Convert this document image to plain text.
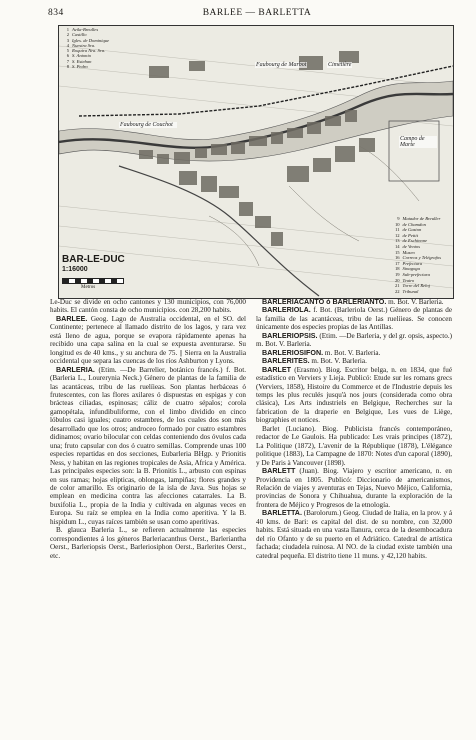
834	BARLEE — BARLETTA
1 Avila-Breulles
2 Castillo
3 Igles. de Dominique
4 Nuestra Sra.
5 Roquira Nra. Sra.
6 S. Antonio
7 S. Esteban
8 S. Pedro	Faubourg de Marbot	Cimetière
Faubourg de Couchot
Campo de Marte
9 Matador de Breuller
10 de Chamdon
11 de Gaston
12 de Pettit
13 de Eschinone
14 de Ventos
15 Museo
16 Correos y Telégrafos
17 Prefectura
18 Sinagoga
19 Sub-prefectura
20 Teatro
21 Torre del Reloj
22 Tribunal
BAR-LE-DUC
1:16000
Metros

Le-Duc se divide en ocho cantones y 130 municipios, con 76,000 habits. El cantón consta de ocho municipios. con 28,200 habits.

BARLEE. Geog. Lago de Australia occidental, en el SO. del Continente; pertenece al llamado distrito de los lagos, y rara vez está lleno de agua, porque se evapora rápidamente apenas ha recibido una capa salina en la cual se expuesta aventurarse. Su longitud es de 40 kms., y su anchura de 75. || Sierra en la Australia occidental que separa las cuencas de los ríos Ashburton y Lyons.

BARLERIA. (Etim. —De Barrelier, botánico francés.) f. Bot. (Barleria L., Lourerynia Neck.) Género de plantas de la familia de las acantáceas, tribu de las ruelíieas. Son plantas herbáceas ó frutescentes, con las flores axilares ó dispuestas en espigas y con brácteas ciliadas, espinosas; cáliz de cuatro sépalos; corola gamopétala, infundibuliforme, con el limbo dividido en cinco lóbulos casi iguales; cuatro estambres, de los cuales dos son más desarrollado que los otros; androceo formado por cuatro estambres didinamos; ovario bilocular con celdas conteniendo dos óvulos cada una; fruto capsular con dos ó cuatro semillas. Comprende unas 100 especies repartidas en dos secciones, Eubarleria BHgp. y Prionitis Ness, y habitan en las regiones tropicales de Asia, Africa y América. Las principales especies son: la B. Prionitis L., arbusto con espinas en sus ramas; hojas elípticas, oblongas, lampiñas; flores grandes y de color amarillo. Es originario de la isla de Java. Sus hojas se emplean en medicina contra las afecciones catarrales. La B. buxifolia L., propia de la India y cultivada en algunas veces en Europa. Su raíz se emplea en la India como aperitiva. Y la B. hispidum L., cuyas raíces también se usan como aperitivas.

B. glauca Barleria L., se refieren actualmente las especies correspondientes á los géneros Barleriacanthus Oerst., Barleriantha Oerst., Barleriopsis Oerst., Barleriosiphon Oerst., Barlerites Oerst., etc.

BARLERIACANTO ó BARLERIANTO. m. Bot. V. Barleria.

BARLERIOLA. f. Bot. (Barleriola Oerst.) Género de plantas de la familia de las acantáceas, tribu de las ruelíieas. Se conocen únicamente dos especies propias de las Antillas.

BARLERIOPSIS. (Etim. —De Barleria, y del gr. opsis, aspecto.) m. Bot. V. Barleria.

BARLERIOSIFON. m. Bot. V. Barleria.

BARLERITES. m. Bot. V. Barleria.

BARLET (Erasmo). Biog. Escritor belga, n. en 1834, que fué estadístico en Verviers y Lieja. Publicó: Etude sur les romans grecs (Verviers, 1858), Histoire du Commerce et de l'Industrie depuis les temps les plus reculés jusqu'à nos jours (considerada como obra clásica), Les Arts industriels en Belgique, Recherches sur la fabrication de la draperie en Belgique, Les vues de Liège, biographies et notices.

Barlet (Luciano). Biog. Publicista francés contemporáneo, redactor de Le Gaulois. Ha publicado: Les vrais principes (1872), La Politique (1872), L'avenir de la République (1878), L'élégance politique (1883), La Campagne de 1870: Notes d'un caporal (1890), y De Paris à Vancouver (1898).

BARLETT (Juan). Biog. Viajero y escritor americano, n. en Providencia en 1805. Publicó: Diccionario de americanismos, Relación de viajes y aventuras en Tejas, Nuevo Méjico, California, provincias de Sonora y Chihuahua, durante la exploración de la frontera de Méjico y Progresos de la etnología.

BARLETTA. (Barolorum.) Geog. Ciudad de Italia, en la prov. y á 40 kms. de Bari: es capital del dist. de su nombre, con 32,000 habits. Está situada en una vasta llanura, cerca de la desembocadura del río Ofanto y de su puerto en el Adriático. Catedral de artística fachada; ciudadela ruinosa. Al NO. de la ciudad existe también una catedral pequeña. El distrito tiene 11 muns. y 42,120 habits.
